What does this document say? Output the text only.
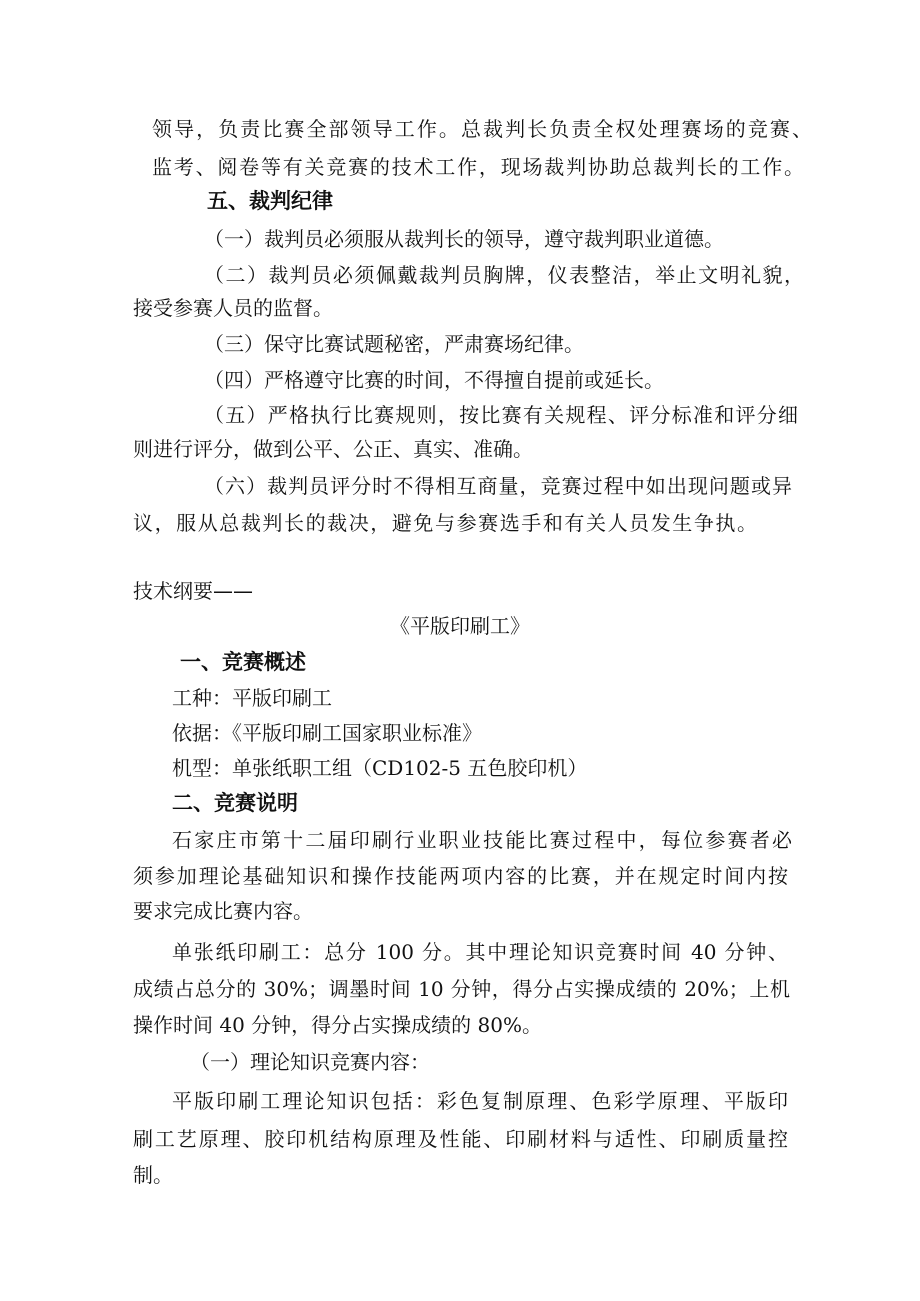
领导，负责比赛全部领导工作。总裁判长负责全权处理赛场的竞赛、
监考、阅卷等有关竞赛的技术工作，现场裁判协助总裁判长的工作。
五、裁判纪律
（一）裁判员必须服从裁判长的领导，遵守裁判职业道德。
（二）裁判员必须佩戴裁判员胸牌，仪表整洁，举止文明礼貌，
接受参赛人员的监督。
（三）保守比赛试题秘密，严肃赛场纪律。
（四）严格遵守比赛的时间，不得擅自提前或延长。
（五）严格执行比赛规则，按比赛有关规程、评分标准和评分细
则进行评分，做到公平、公正、真实、准确。
（六）裁判员评分时不得相互商量，竞赛过程中如出现问题或异
议，服从总裁判长的裁决，避免与参赛选手和有关人员发生争执。
技术纲要——
《平版印刷工》
一、竞赛概述
工种：平版印刷工
依据：《平版印刷工国家职业标准》
机型：单张纸职工组（CD102-5 五色胶印机）
二、竞赛说明
石家庄市第十二届印刷行业职业技能比赛过程中，每位参赛者必
须参加理论基础知识和操作技能两项内容的比赛，并在规定时间内按
要求完成比赛内容。
单张纸印刷工：总分 100 分。其中理论知识竞赛时间 40 分钟、
成绩占总分的 30%；调墨时间 10 分钟，得分占实操成绩的 20%；上机
操作时间 40 分钟，得分占实操成绩的 80%。
（一）理论知识竞赛内容：
平版印刷工理论知识包括：彩色复制原理、色彩学原理、平版印
刷工艺原理、胶印机结构原理及性能、印刷材料与适性、印刷质量控
制。
